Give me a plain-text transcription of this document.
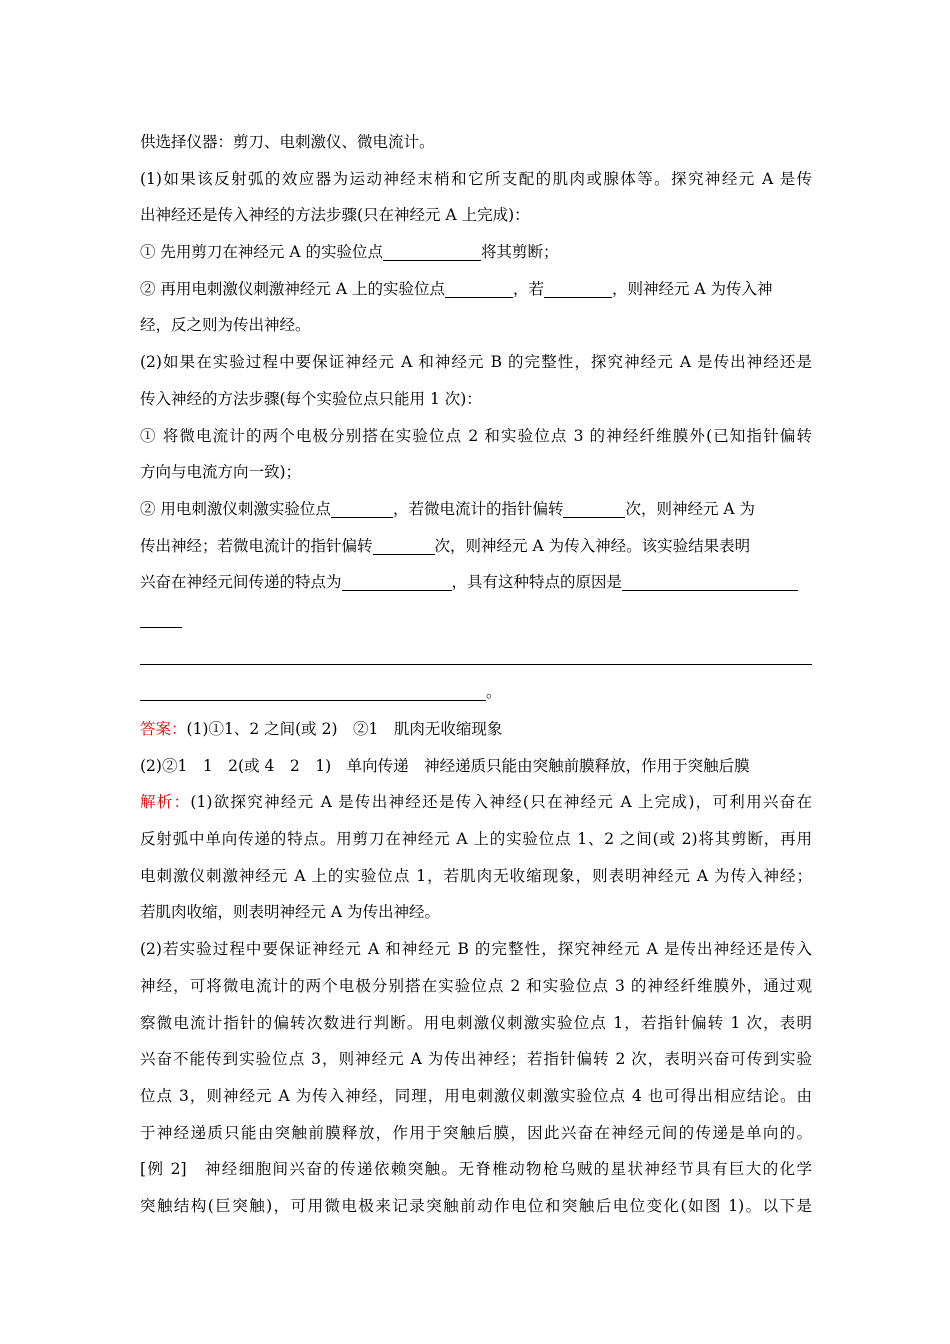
供选择仪器：剪刀、电刺激仪、微电流计。
(1)如果该反射弧的效应器为运动神经末梢和它所支配的肌肉或腺体等。探究神经元 A 是传
出神经还是传入神经的方法步骤(只在神经元 A 上完成)：
① 先用剪刀在神经元 A 的实验位点	将其剪断；
② 再用电刺激仪刺激神经元 A 上的实验位点	，若	，则神经元 A 为传入神
经，反之则为传出神经。
(2)如果在实验过程中要保证神经元 A 和神经元 B 的完整性，探究神经元 A 是传出神经还是
传入神经的方法步骤(每个实验位点只能用 1 次)：
① 将微电流计的两个电极分别搭在实验位点 2 和实验位点 3 的神经纤维膜外(已知指针偏转
方向与电流方向一致)；
② 用电刺激仪刺激实验位点	，若微电流计的指针偏转	次，则神经元 A 为
传出神经；若微电流计的指针偏转	次，则神经元 A 为传入神经。该实验结果表明
兴奋在神经元间传递的特点为	，具有这种特点的原因是
。
答案：(1)①1、2 之间(或 2)　②1　肌肉无收缩现象
(2)②1　1　2(或 4　2　1)　单向传递　神经递质只能由突触前膜释放，作用于突触后膜
解析：(1)欲探究神经元 A 是传出神经还是传入神经(只在神经元 A 上完成)，可利用兴奋在
反射弧中单向传递的特点。用剪刀在神经元 A 上的实验位点 1、2 之间(或 2)将其剪断，再用
电刺激仪刺激神经元 A 上的实验位点 1，若肌肉无收缩现象，则表明神经元 A 为传入神经；
若肌肉收缩，则表明神经元 A 为传出神经。
(2)若实验过程中要保证神经元 A 和神经元 B 的完整性，探究神经元 A 是传出神经还是传入
神经，可将微电流计的两个电极分别搭在实验位点 2 和实验位点 3 的神经纤维膜外，通过观
察微电流计指针的偏转次数进行判断。用电刺激仪刺激实验位点 1，若指针偏转 1 次，表明
兴奋不能传到实验位点 3，则神经元 A 为传出神经；若指针偏转 2 次，表明兴奋可传到实验
位点 3，则神经元 A 为传入神经，同理，用电刺激仪刺激实验位点 4 也可得出相应结论。由
于神经递质只能由突触前膜释放，作用于突触后膜，因此兴奋在神经元间的传递是单向的。
[例 2]　神经细胞间兴奋的传递依赖突触。无脊椎动物枪乌贼的星状神经节具有巨大的化学
突触结构(巨突触)，可用微电极来记录突触前动作电位和突触后电位变化(如图 1)。以下是
